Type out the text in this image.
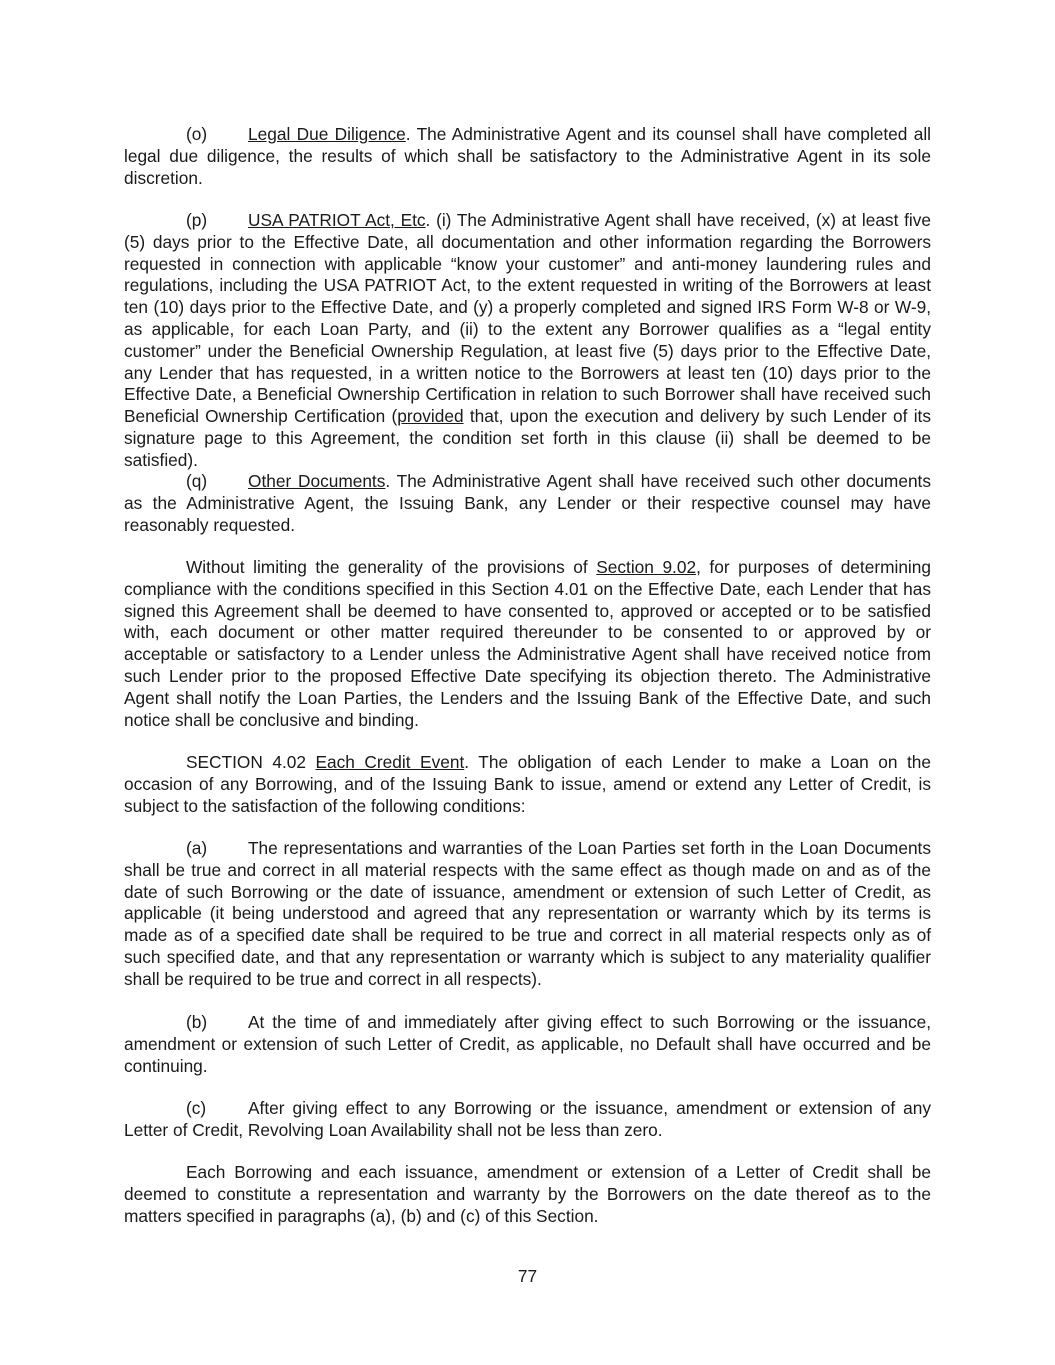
(o) Legal Due Diligence. The Administrative Agent and its counsel shall have completed all legal due diligence, the results of which shall be satisfactory to the Administrative Agent in its sole discretion.

(p) USA PATRIOT Act, Etc. (i) The Administrative Agent shall have received, (x) at least five (5) days prior to the Effective Date, all documentation and other information regarding the Borrowers requested in connection with applicable “know your customer” and anti-money laundering rules and regulations, including the USA PATRIOT Act, to the extent requested in writing of the Borrowers at least ten (10) days prior to the Effective Date, and (y) a properly completed and signed IRS Form W-8 or W-9, as applicable, for each Loan Party, and (ii) to the extent any Borrower qualifies as a “legal entity customer” under the Beneficial Ownership Regulation, at least five (5) days prior to the Effective Date, any Lender that has requested, in a written notice to the Borrowers at least ten (10) days prior to the Effective Date, a Beneficial Ownership Certification in relation to such Borrower shall have received such Beneficial Ownership Certification (provided that, upon the execution and delivery by such Lender of its signature page to this Agreement, the condition set forth in this clause (ii) shall be deemed to be satisfied).

(q) Other Documents. The Administrative Agent shall have received such other documents as the Administrative Agent, the Issuing Bank, any Lender or their respective counsel may have reasonably requested.

Without limiting the generality of the provisions of Section 9.02, for purposes of determining compliance with the conditions specified in this Section 4.01 on the Effective Date, each Lender that has signed this Agreement shall be deemed to have consented to, approved or accepted or to be satisfied with, each document or other matter required thereunder to be consented to or approved by or acceptable or satisfactory to a Lender unless the Administrative Agent shall have received notice from such Lender prior to the proposed Effective Date specifying its objection thereto. The Administrative Agent shall notify the Loan Parties, the Lenders and the Issuing Bank of the Effective Date, and such notice shall be conclusive and binding.

SECTION 4.02 Each Credit Event. The obligation of each Lender to make a Loan on the occasion of any Borrowing, and of the Issuing Bank to issue, amend or extend any Letter of Credit, is subject to the satisfaction of the following conditions:

(a) The representations and warranties of the Loan Parties set forth in the Loan Documents shall be true and correct in all material respects with the same effect as though made on and as of the date of such Borrowing or the date of issuance, amendment or extension of such Letter of Credit, as applicable (it being understood and agreed that any representation or warranty which by its terms is made as of a specified date shall be required to be true and correct in all material respects only as of such specified date, and that any representation or warranty which is subject to any materiality qualifier shall be required to be true and correct in all respects).

(b) At the time of and immediately after giving effect to such Borrowing or the issuance, amendment or extension of such Letter of Credit, as applicable, no Default shall have occurred and be continuing.

(c) After giving effect to any Borrowing or the issuance, amendment or extension of any Letter of Credit, Revolving Loan Availability shall not be less than zero.

Each Borrowing and each issuance, amendment or extension of a Letter of Credit shall be deemed to constitute a representation and warranty by the Borrowers on the date thereof as to the matters specified in paragraphs (a), (b) and (c) of this Section.

77
